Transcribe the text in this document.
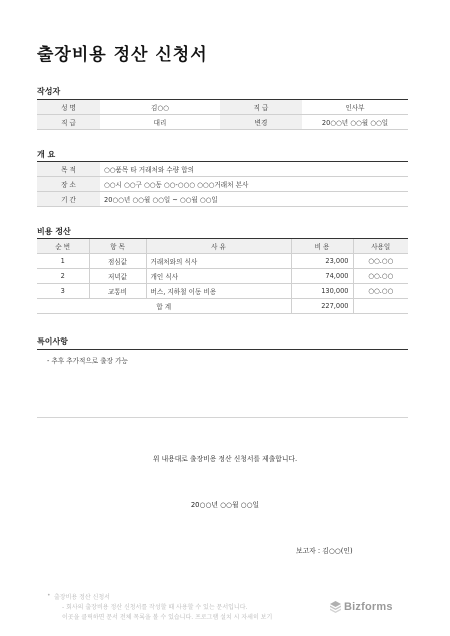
출장비용 정산 신청서
작성자
성 명	김○○	직 급	인사부
직 급	대리	변경	20○○년 ○○월 ○○일
개 요
목 적	○○품목 타 거래처와 수량 합의
장 소	○○시 ○○구 ○○동 ○○-○○○ ○○○거래처 본사
기 간	20○○년 ○○월 ○○일 ~ ○○월 ○○일
비용 정산
순 번	항 목	사 유	비 용	사용일
1	점심값	거래처와의 식사	23,000	○○.○○
2	저녁값	개인 식사	74,000	○○.○○
3	교통비	버스, 지하철 이동 비용	130,000	○○.○○
합 계			227,000	
특이사항
- 추후 추가적으로 출장 가능
위 내용대로 출장비용 정산 신청서를 제출합니다.
20○○년 ○○월 ○○일
보고자 : 김○○(인)
• 출장비용 정산 신청서
- 회사의 출장비용 정산 신청서를 작성할 때 사용할 수 있는 문서입니다.
이곳을 클릭하면 문서 전체 목록을 볼 수 있습니다. 프로그램 설치 시 자세히 보기
Bizforms
